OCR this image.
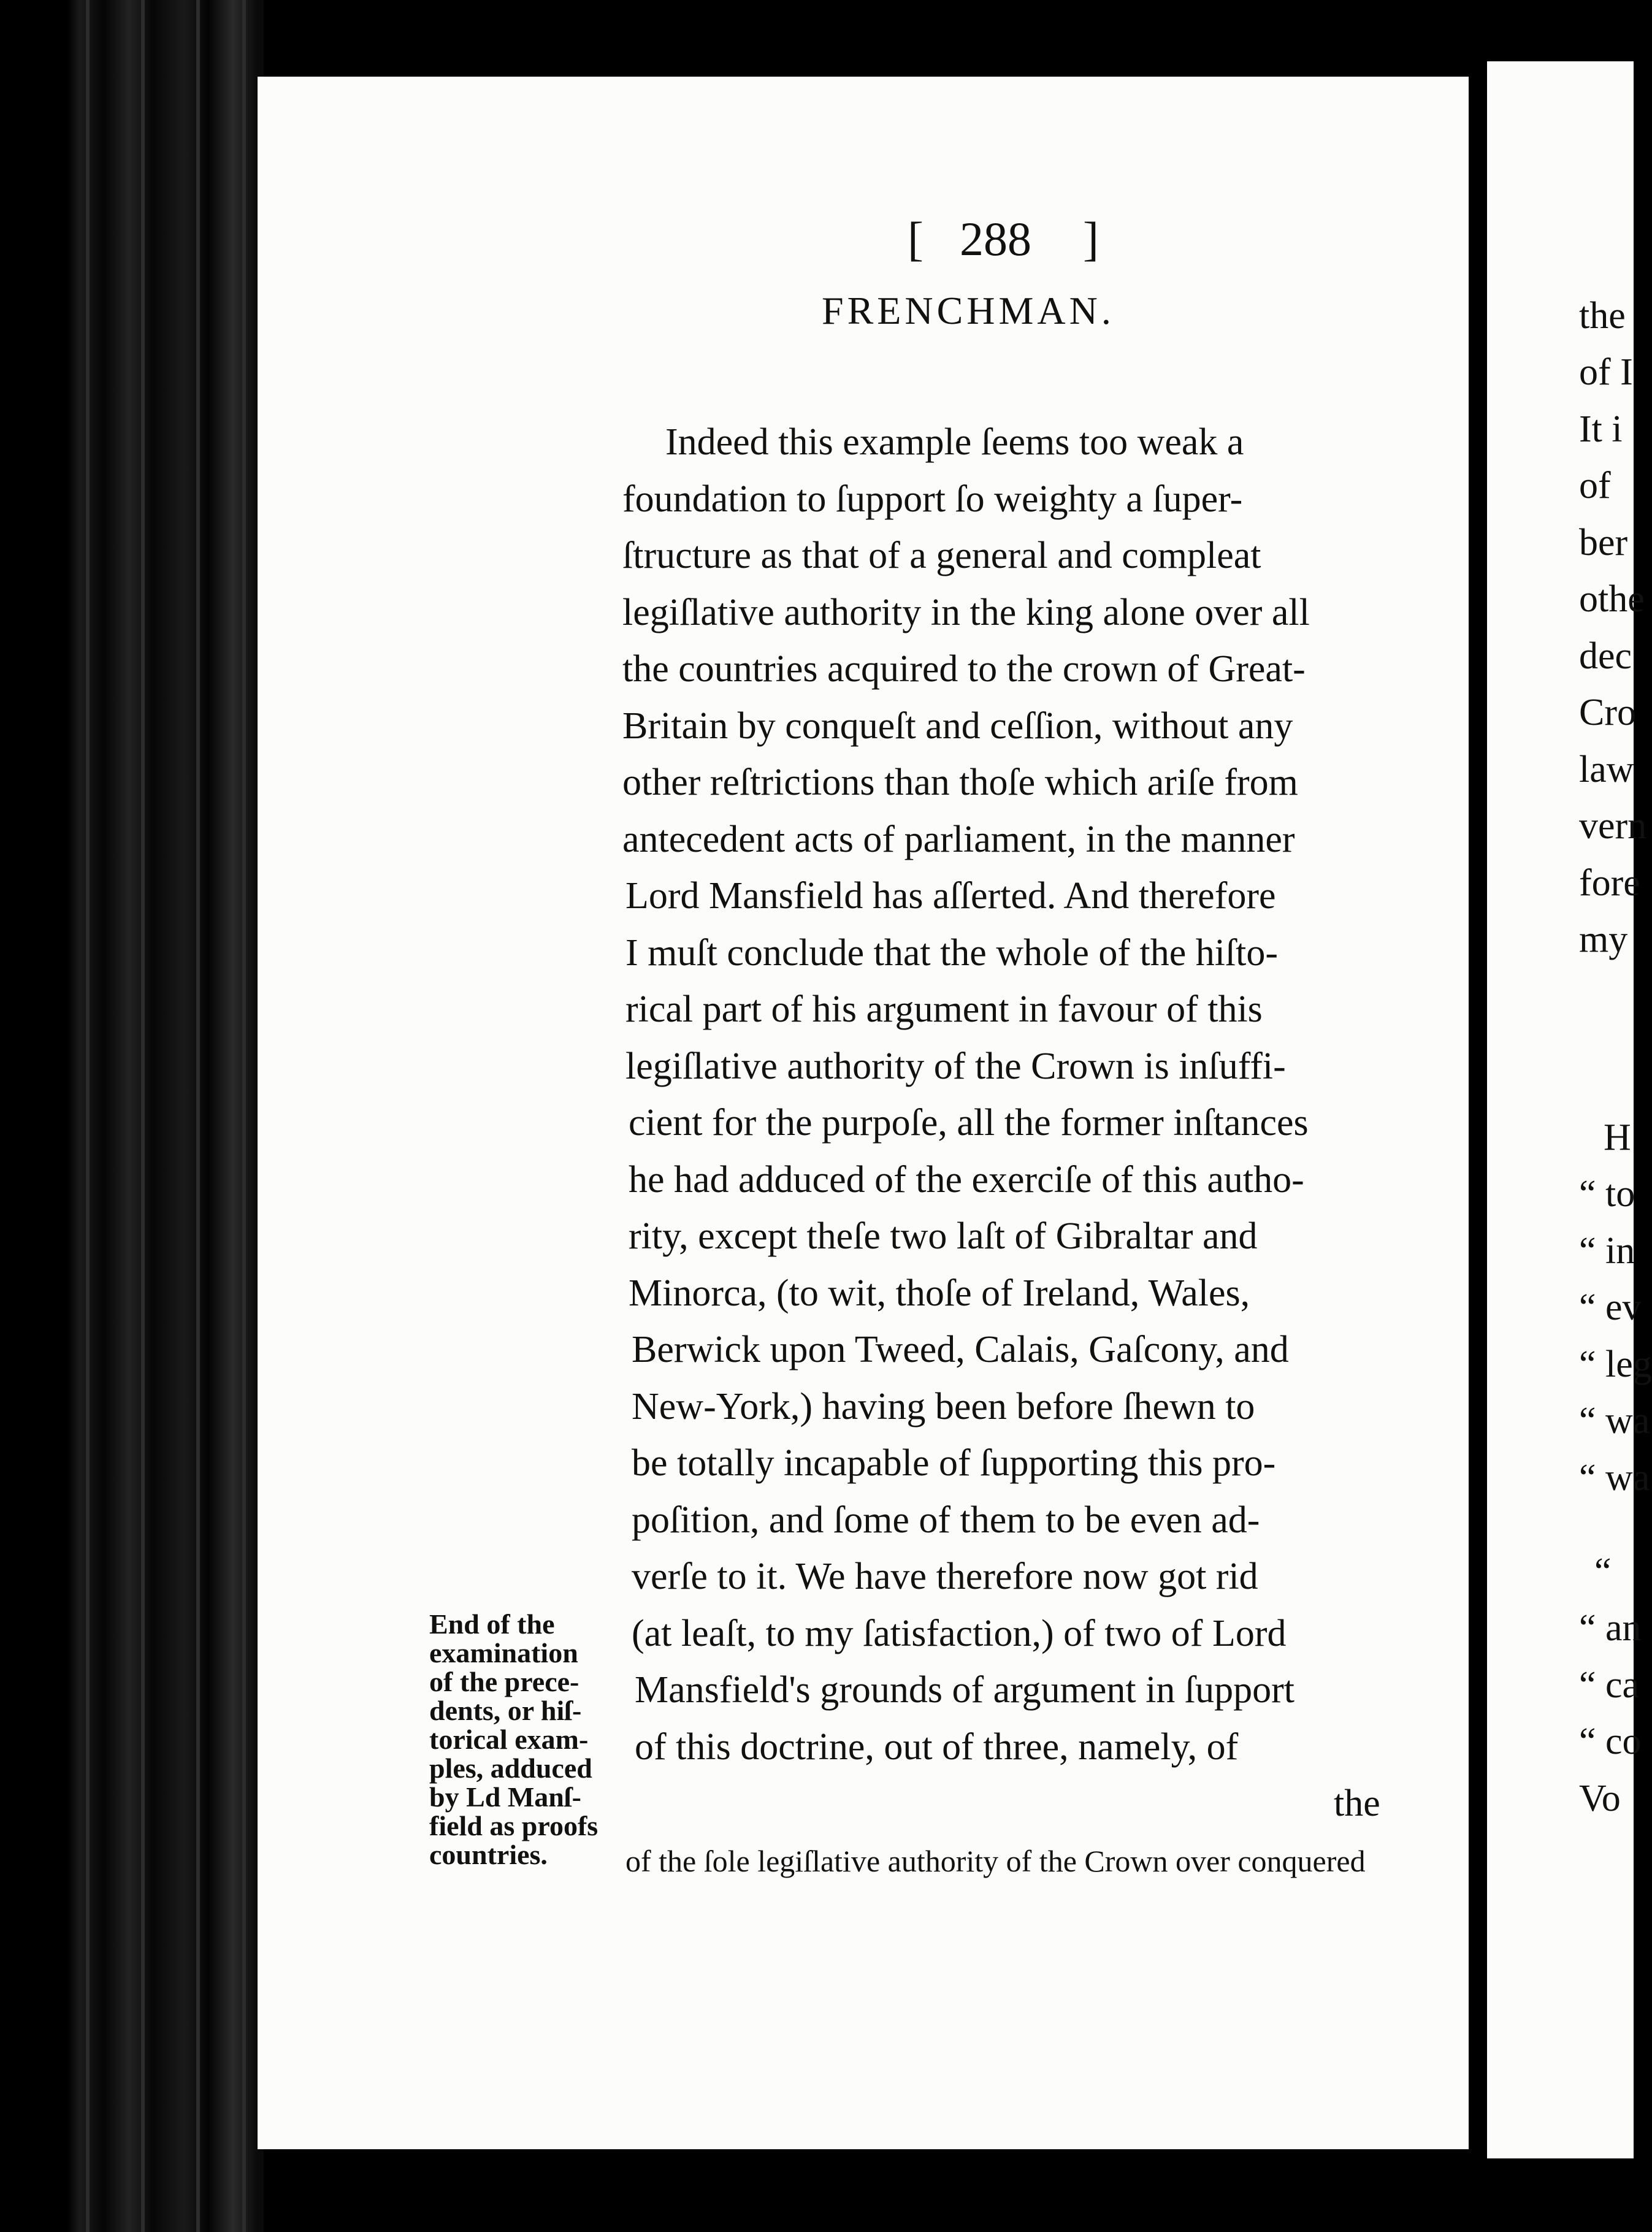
[ 288 ]
FRENCHMAN.
Indeed this example ſeems too weak a
foundation to ſupport ſo weighty a ſuper-
ſtructure as that of a general and compleat
legiſlative authority in the king alone over all
the countries acquired to the crown of Great-
Britain by conqueſt and ceſſion, without any
other reſtrictions than thoſe which ariſe from
antecedent acts of parliament, in the manner
Lord Mansfield has aſſerted. And therefore
I muſt conclude that the whole of the hiſto-
rical part of his argument in favour of this
legiſlative authority of the Crown is inſuffi-
cient for the purpoſe, all the former inſtances
he had adduced of the exerciſe of this autho-
rity, except theſe two laſt of Gibraltar and
Minorca, (to wit, thoſe of Ireland, Wales,
Berwick upon Tweed, Calais, Gaſcony, and
New-York,) having been before ſhewn to
be totally incapable of ſupporting this pro-
poſition, and ſome of them to be even ad-
verſe to it. We have therefore now got rid
(at leaſt, to my ſatisfaction,) of two of Lord
Mansfield's grounds of argument in ſupport
of this doctrine, out of three, namely, of
the
of the ſole legiſlative authority of the Crown over conquered
End of the
examination
of the prece-
dents, or hiſ-
torical exam-
ples, adduced
by Ld Manſ-
field as proofs
countries.
the
of I
It i
of
ber
othe
dec
Cro
law
vern
fore
my
H
“ to
“ in
“ ev
“ leg
“ wa
“ wa
“
“ an
“ ca
“ co
Vo
